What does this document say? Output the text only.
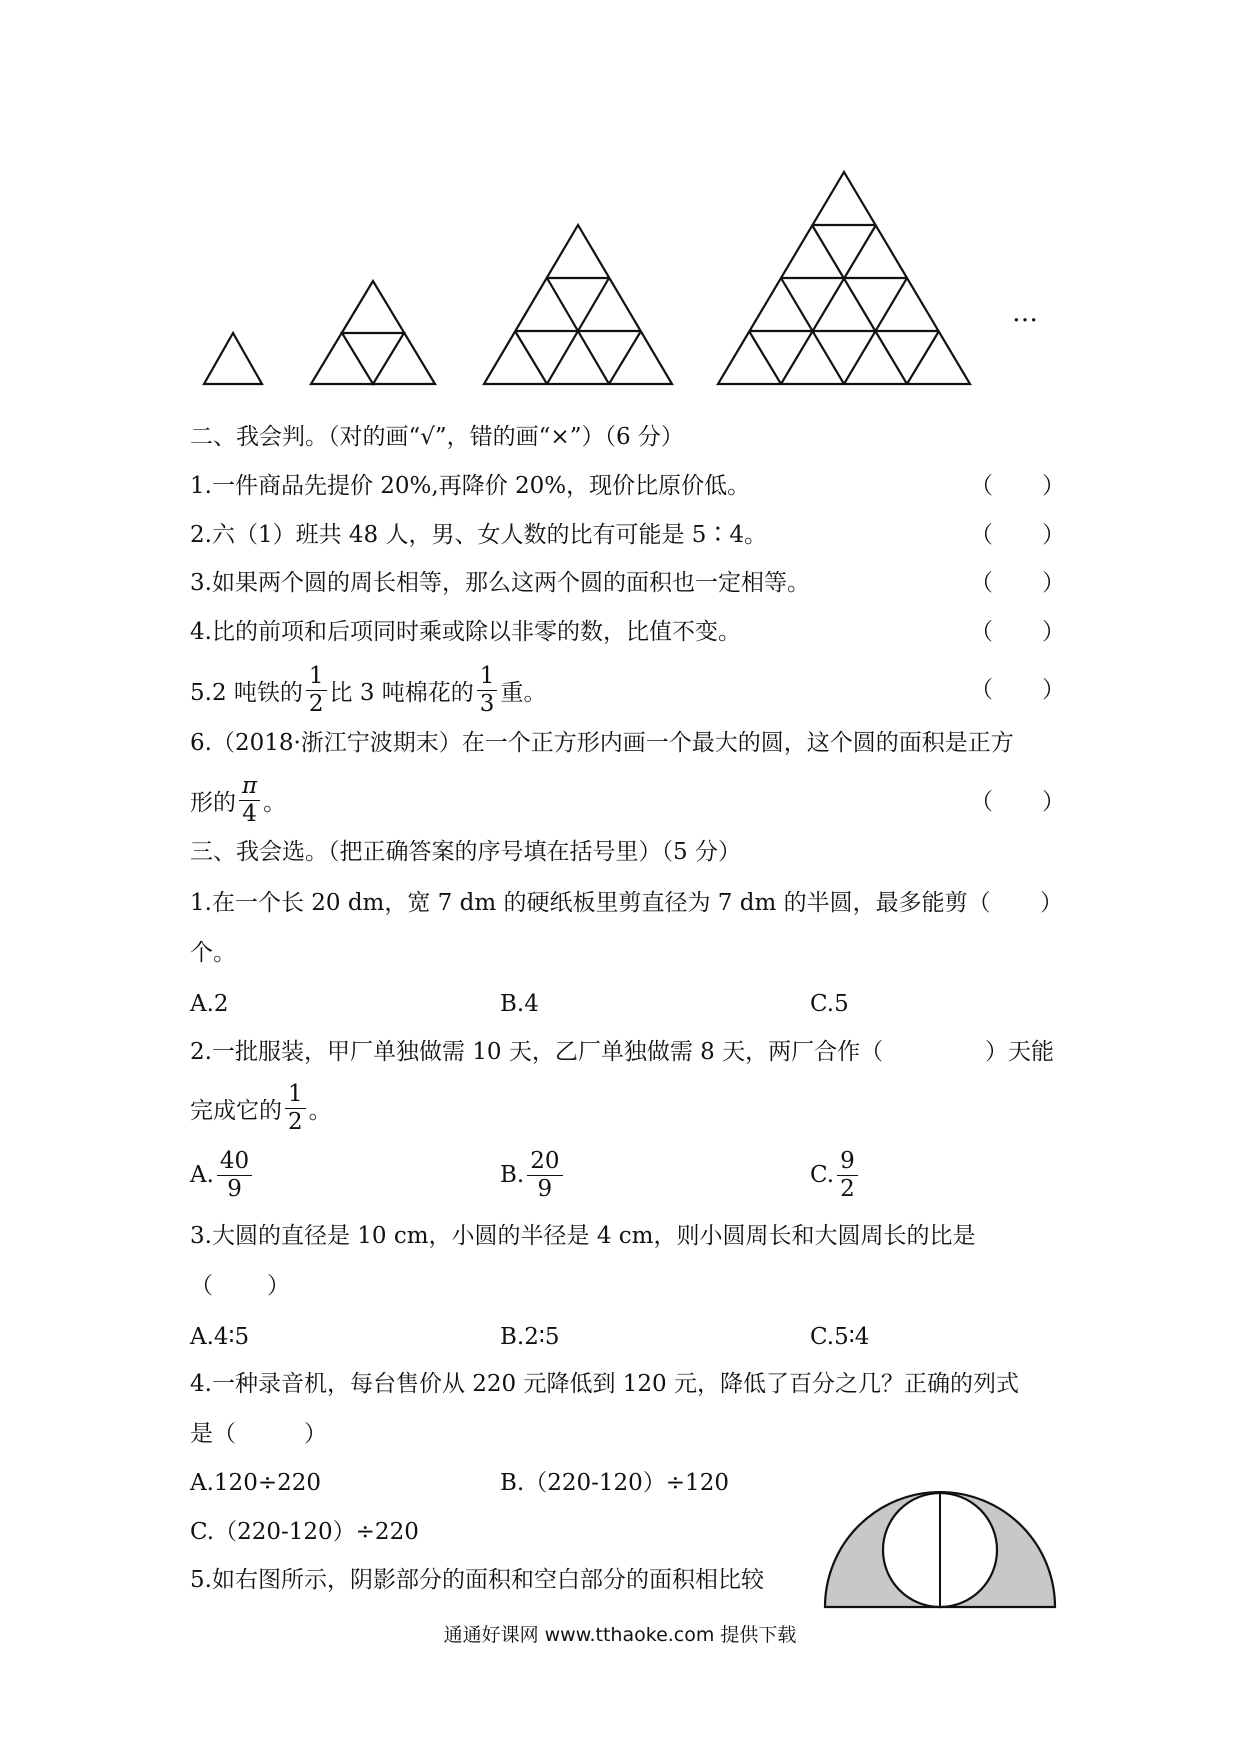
…
二、我会判。（对的画“√”，错的画“×”）（6 分）
1.一件商品先提价 20%,再降价 20%，现价比原价低。	（ ）
2.六（1）班共 48 人，男、女人数的比有可能是 5∶4。	（ ）
3.如果两个圆的周长相等，那么这两个圆的面积也一定相等。	（ ）
4.比的前项和后项同时乘或除以非零的数，比值不变。	（ ）
5.2 吨铁的 $\frac{1}{2}$ 比 3 吨棉花的 $\frac{1}{3}$ 重。	（ ）
6.（2018·浙江宁波期末）在一个正方形内画一个最大的圆，这个圆的面积是正方
形的 $\frac{\pi}{4}$ 。	（ ）
三、我会选。（把正确答案的序号填在括号里）（5 分）
1.在一个长 20 dm，宽 7 dm 的硬纸板里剪直径为 7 dm 的半圆，最多能剪（ ）
个。
A.2	B.4	C.5
2.一批服装，甲厂单独做需 10 天，乙厂单独做需 8 天，两厂合作（	）天能
完成它的 $\frac{1}{2}$ 。
A. $\frac{40}{9}$	B. $\frac{20}{9}$	C. $\frac{9}{2}$
3.大圆的直径是 10 cm，小圆的半径是 4 cm，则小圆周长和大圆周长的比是
（ ）
A.4∶5	B.2∶5	C.5∶4
4.一种录音机，每台售价从 220 元降低到 120 元，降低了百分之几？正确的列式
是（	）
A.120÷220	B.（220-120）÷120
C.（220-120）÷220
5.如右图所示，阴影部分的面积和空白部分的面积相比较
通通好课网 www.tthaoke.com 提供下载
